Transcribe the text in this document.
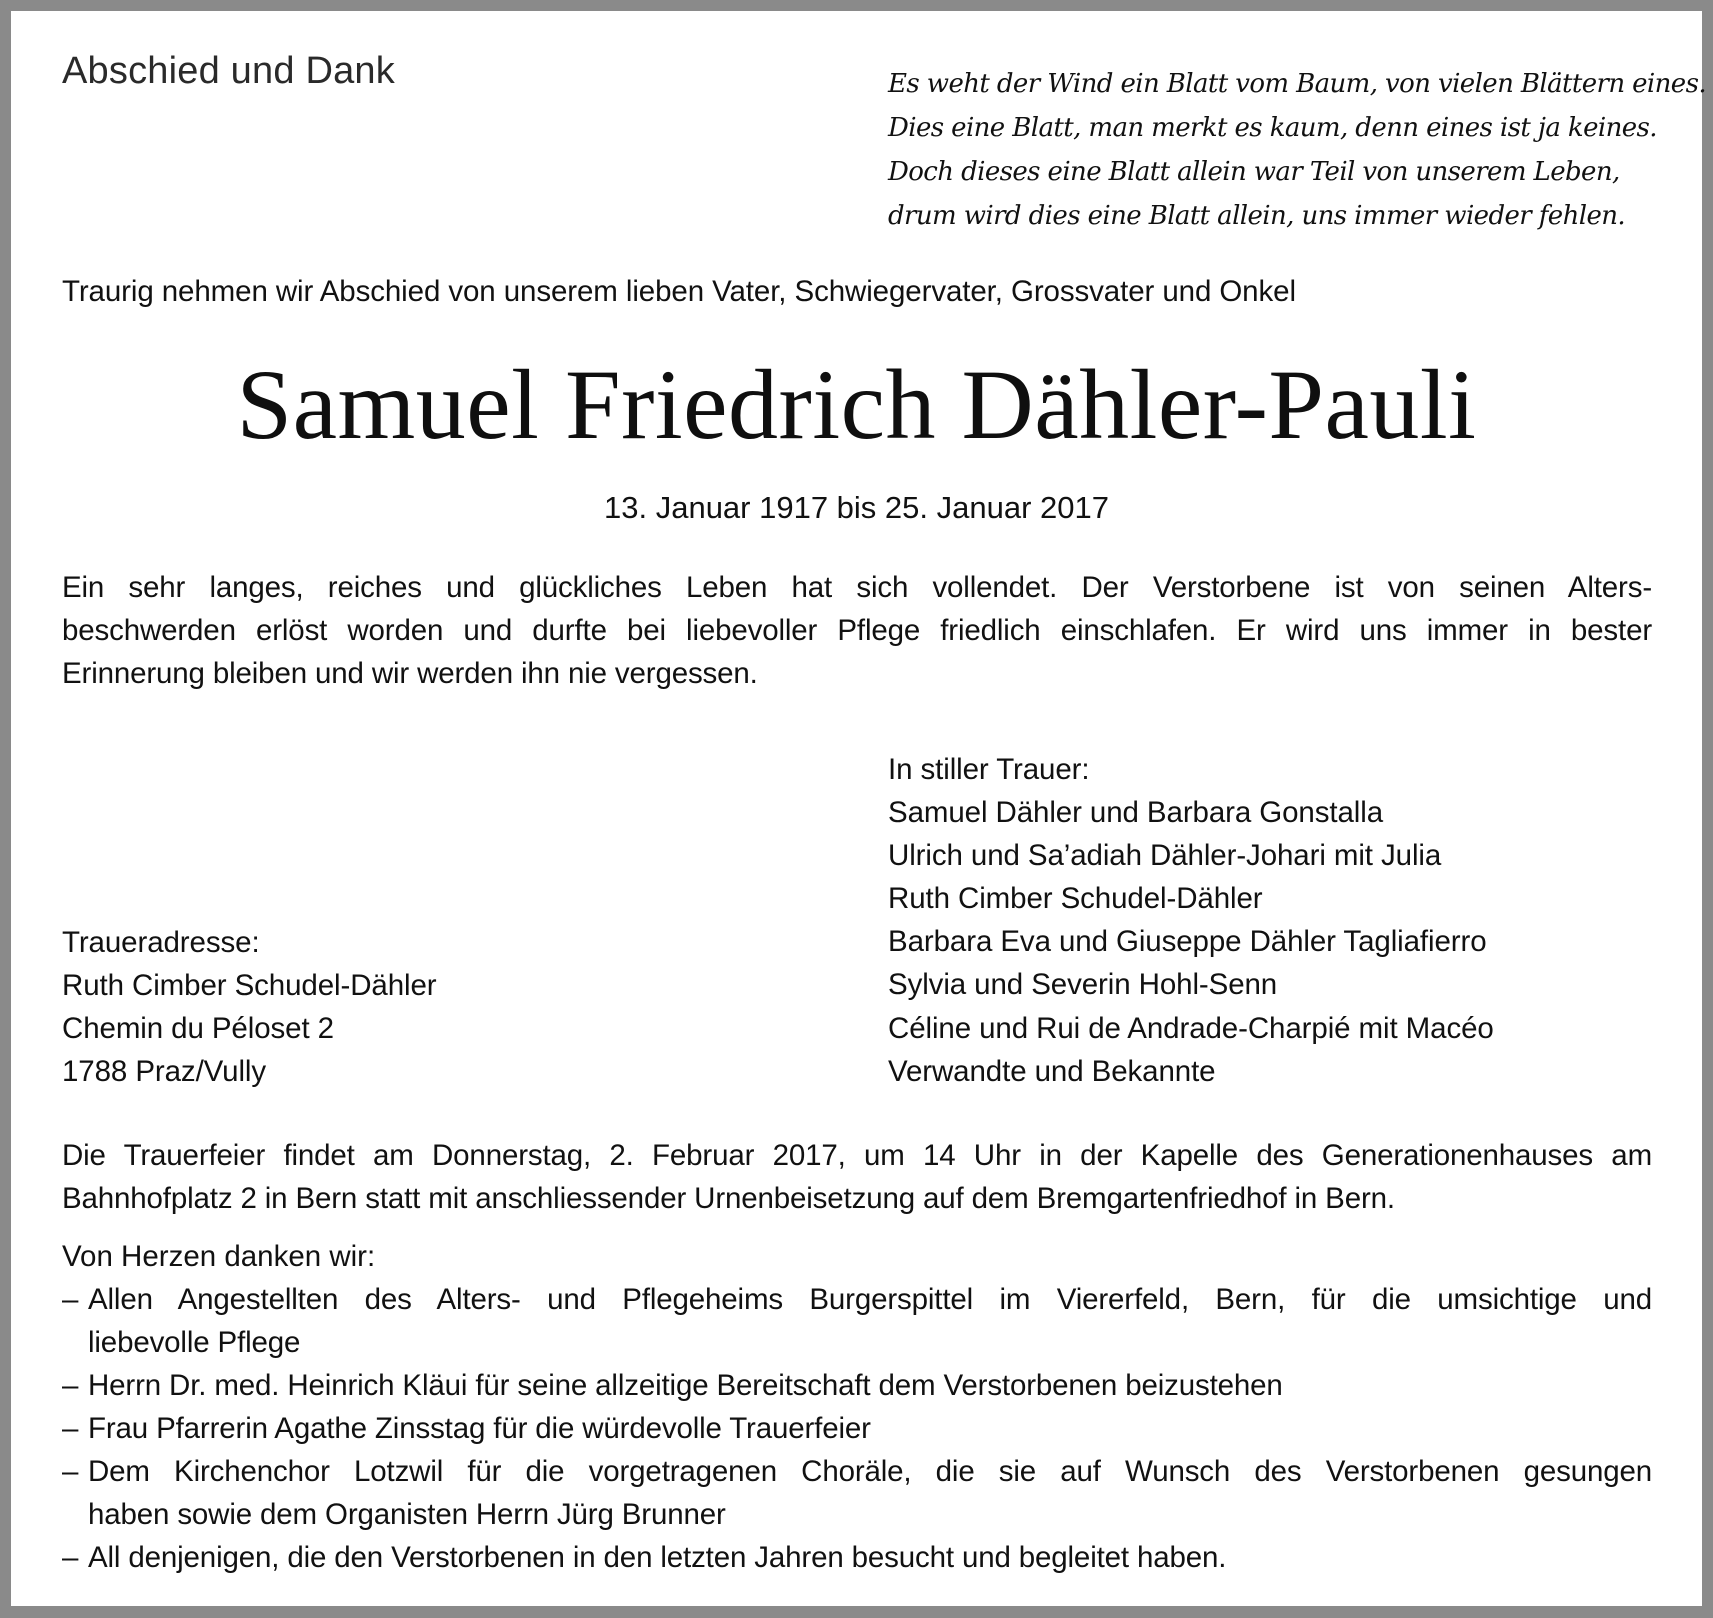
Abschied und Dank	Es weht der Wind ein Blatt vom Baum, von vielen Blättern eines.
Dies eine Blatt, man merkt es kaum, denn eines ist ja keines.
Doch dieses eine Blatt allein war Teil von unserem Leben,
drum wird dies eine Blatt allein, uns immer wieder fehlen.
Traurig nehmen wir Abschied von unserem lieben Vater, Schwiegervater, Grossvater und Onkel
Samuel Friedrich Dähler-Pauli
13. Januar 1917 bis 25. Januar 2017
Ein sehr langes, reiches und glückliches Leben hat sich vollendet. Der Verstorbene ist von seinen Alters-
beschwerden erlöst worden und durfte bei liebevoller Pflege friedlich einschlafen. Er wird uns immer in bester
Erinnerung bleiben und wir werden ihn nie vergessen.
In stiller Trauer:
Samuel Dähler und Barbara Gonstalla
Ulrich und Sa’adiah Dähler-Johari mit Julia
Ruth Cimber Schudel-Dähler
Barbara Eva und Giuseppe Dähler Tagliafierro
Sylvia und Severin Hohl-Senn
Céline und Rui de Andrade-Charpié mit Macéo
Verwandte und Bekannte
Traueradresse:
Ruth Cimber Schudel-Dähler
Chemin du Péloset 2
1788 Praz/Vully
Die Trauerfeier findet am Donnerstag, 2. Februar 2017, um 14 Uhr in der Kapelle des Generationenhauses am
Bahnhofplatz 2 in Bern statt mit anschliessender Urnenbeisetzung auf dem Bremgartenfriedhof in Bern.
Von Herzen danken wir:
– Allen Angestellten des Alters- und Pflegeheims Burgerspittel im Viererfeld, Bern, für die umsichtige und
liebevolle Pflege
– Herrn Dr. med. Heinrich Kläui für seine allzeitige Bereitschaft dem Verstorbenen beizustehen
– Frau Pfarrerin Agathe Zinsstag für die würdevolle Trauerfeier
– Dem Kirchenchor Lotzwil für die vorgetragenen Choräle, die sie auf Wunsch des Verstorbenen gesungen
haben sowie dem Organisten Herrn Jürg Brunner
– All denjenigen, die den Verstorbenen in den letzten Jahren besucht und begleitet haben.
